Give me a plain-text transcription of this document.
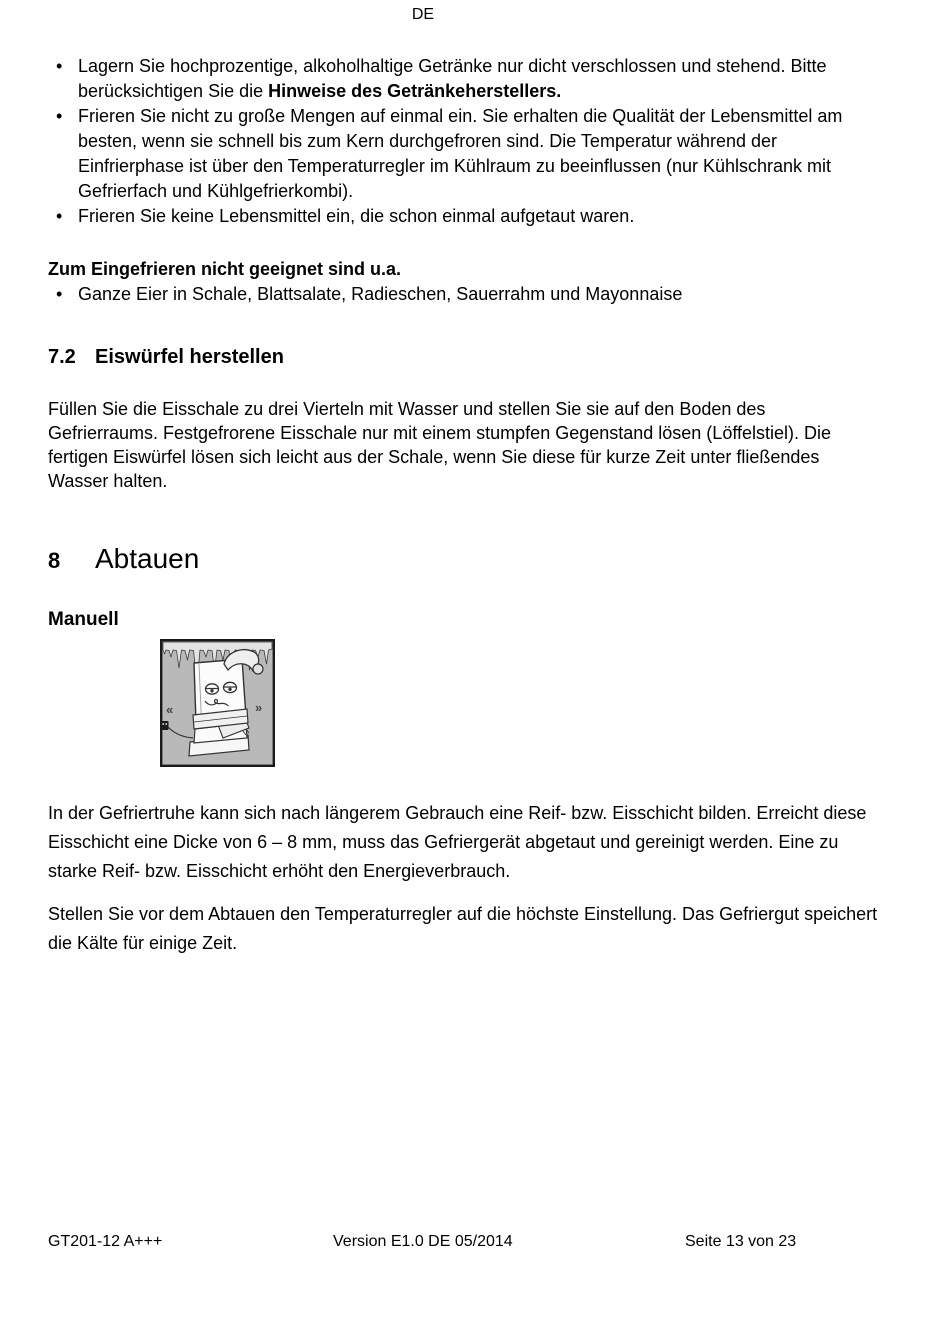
DE
• Lagern Sie hochprozentige, alkoholhaltige Getränke nur dicht verschlossen und stehend. Bitte berücksichtigen Sie die Hinweise des Getränkeherstellers.
• Frieren Sie nicht zu große Mengen auf einmal ein. Sie erhalten die Qualität der Lebensmittel am besten, wenn sie schnell bis zum Kern durchgefroren sind. Die Temperatur während der Einfrierphase ist über den Temperaturregler im Kühlraum zu beeinflussen (nur Kühlschrank mit Gefrierfach und Kühlgefrierkombi).
• Frieren Sie keine Lebensmittel ein, die schon einmal aufgetaut waren.
Zum Eingefrieren nicht geeignet sind u.a.
• Ganze Eier in Schale, Blattsalate, Radieschen, Sauerrahm und Mayonnaise
7.2 Eiswürfel herstellen
Füllen Sie die Eisschale zu drei Vierteln mit Wasser und stellen Sie sie auf den Boden des Gefrierraums. Festgefrorene Eisschale nur mit einem stumpfen Gegenstand lösen (Löffelstiel). Die fertigen Eiswürfel lösen sich leicht aus der Schale, wenn Sie diese für kurze Zeit unter fließendes Wasser halten.
8	Abtauen
Manuell
«	»
In der Gefriertruhe kann sich nach längerem Gebrauch eine Reif- bzw. Eisschicht bilden. Erreicht diese Eisschicht eine Dicke von 6 – 8 mm, muss das Gefriergerät abgetaut und gereinigt werden. Eine zu starke Reif- bzw. Eisschicht erhöht den Energieverbrauch.
Stellen Sie vor dem Abtauen den Temperaturregler auf die höchste Einstellung. Das Gefriergut speichert die Kälte für einige Zeit.
GT201-12 A+++	Version E1.0 DE 05/2014	Seite 13 von 23
